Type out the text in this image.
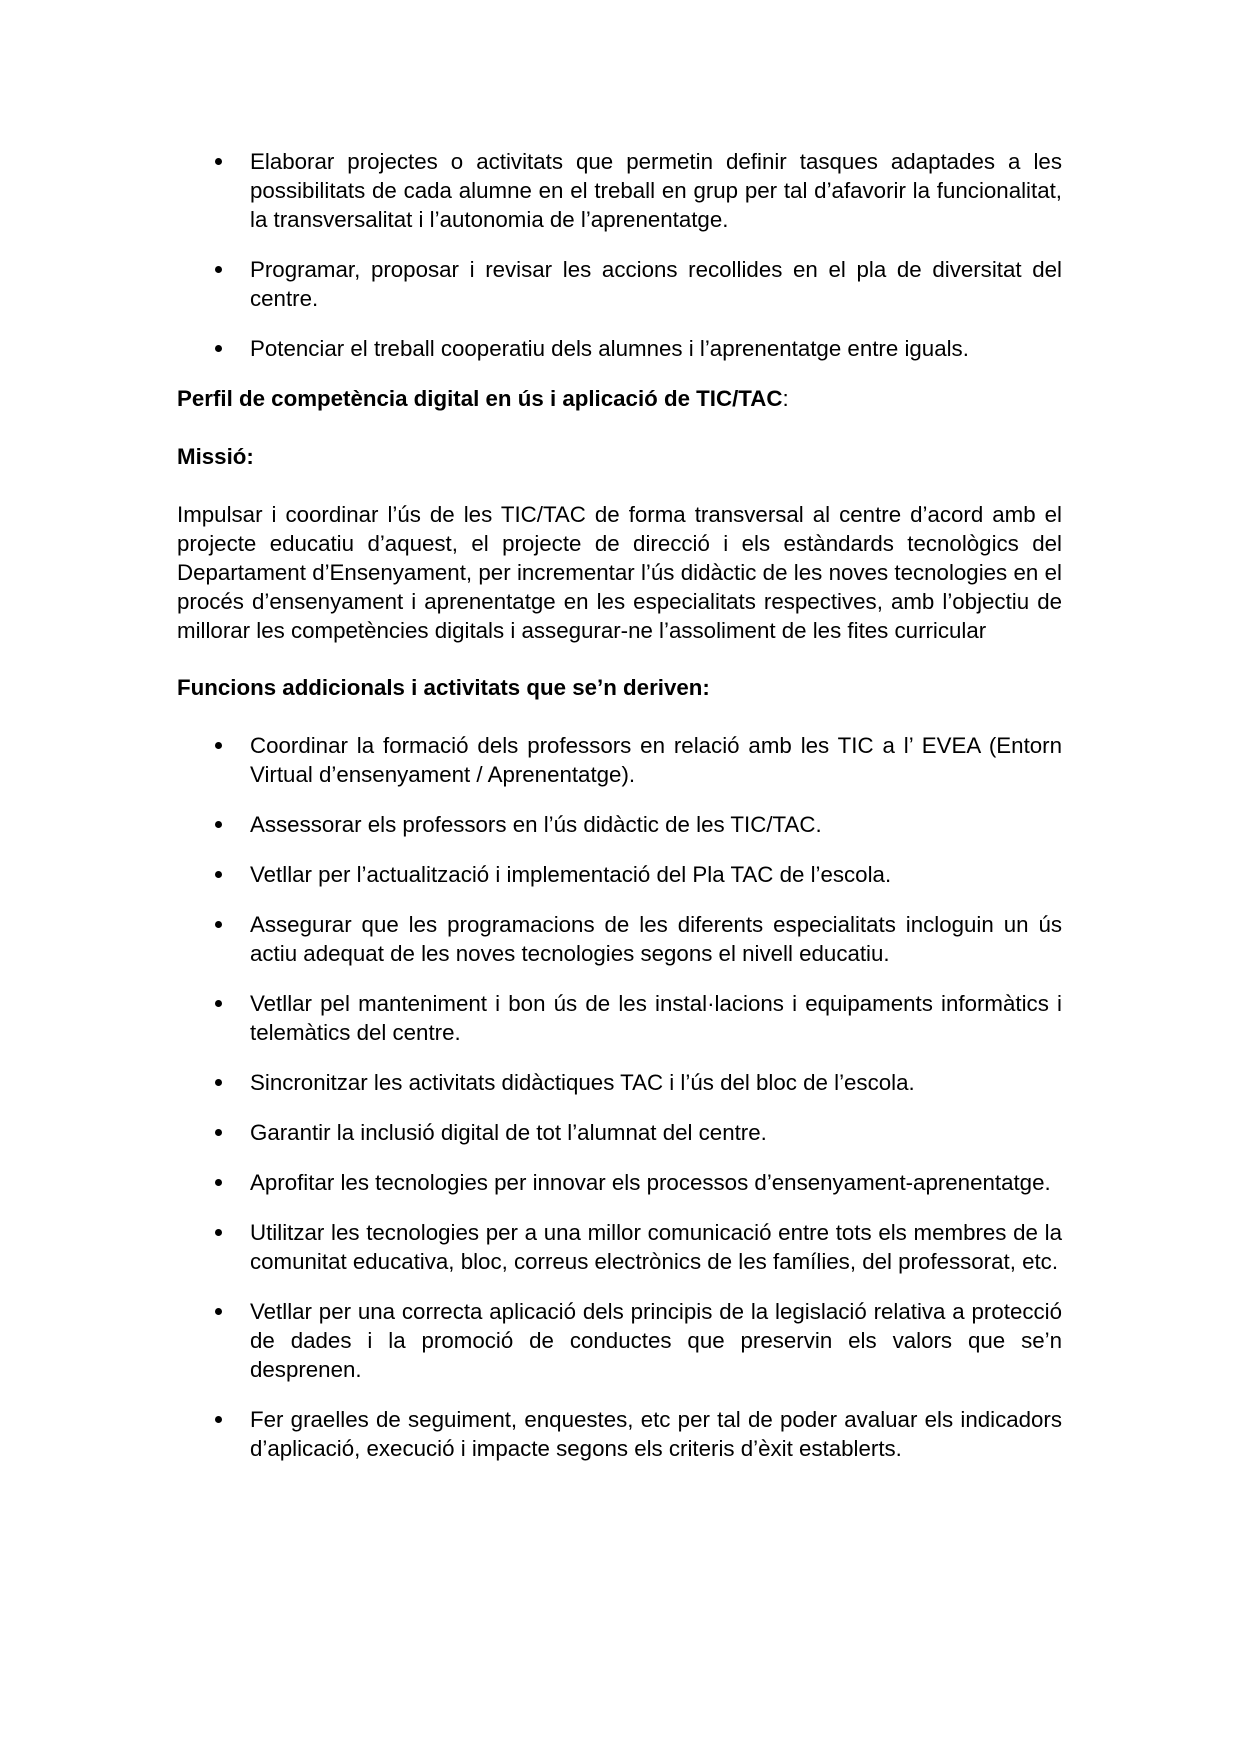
Elaborar projectes o activitats que permetin definir tasques adaptades a les possibilitats de cada alumne en el treball en grup per tal d’afavorir la funcionalitat, la transversalitat i l’autonomia de l’aprenentatge.
Programar, proposar i revisar les accions recollides en el pla de diversitat del centre.
Potenciar el treball cooperatiu dels alumnes i l’aprenentatge entre iguals.

Perfil de competència digital en ús i aplicació de TIC/TAC:

Missió:

Impulsar i coordinar l’ús de les TIC/TAC de forma transversal al centre d’acord amb el projecte educatiu d’aquest, el projecte de direcció i els estàndards tecnològics del Departament d’Ensenyament, per incrementar l’ús didàctic de les noves tecnologies en el procés d’ensenyament i aprenentatge en les especialitats respectives, amb l’objectiu de millorar les competències digitals i assegurar-ne l’assoliment de les fites curricular

Funcions addicionals i activitats que se’n deriven:

Coordinar la formació dels professors en relació amb les TIC a l’ EVEA (Entorn Virtual d’ensenyament / Aprenentatge).
Assessorar els professors en l’ús didàctic de les TIC/TAC.
Vetllar per l’actualització i implementació del Pla TAC de l’escola.
Assegurar que les programacions de les diferents especialitats incloguin un ús actiu adequat de les noves tecnologies segons el nivell educatiu.
Vetllar pel manteniment i bon ús de les instal·lacions i equipaments informàtics i telemàtics del centre.
Sincronitzar les activitats didàctiques TAC i l’ús del bloc de l’escola.
Garantir la inclusió digital de tot l’alumnat del centre.
Aprofitar les tecnologies per innovar els processos d’ensenyament-aprenentatge.
Utilitzar les tecnologies per a una millor comunicació entre tots els membres de la comunitat educativa, bloc, correus electrònics de les famílies, del professorat, etc.
Vetllar per una correcta aplicació dels principis de la legislació relativa a protecció de dades i la promoció de conductes que preservin els valors que se’n desprenen.
Fer graelles de seguiment, enquestes, etc per tal de poder avaluar els indicadors d’aplicació, execució i impacte segons els criteris d’èxit establerts.
